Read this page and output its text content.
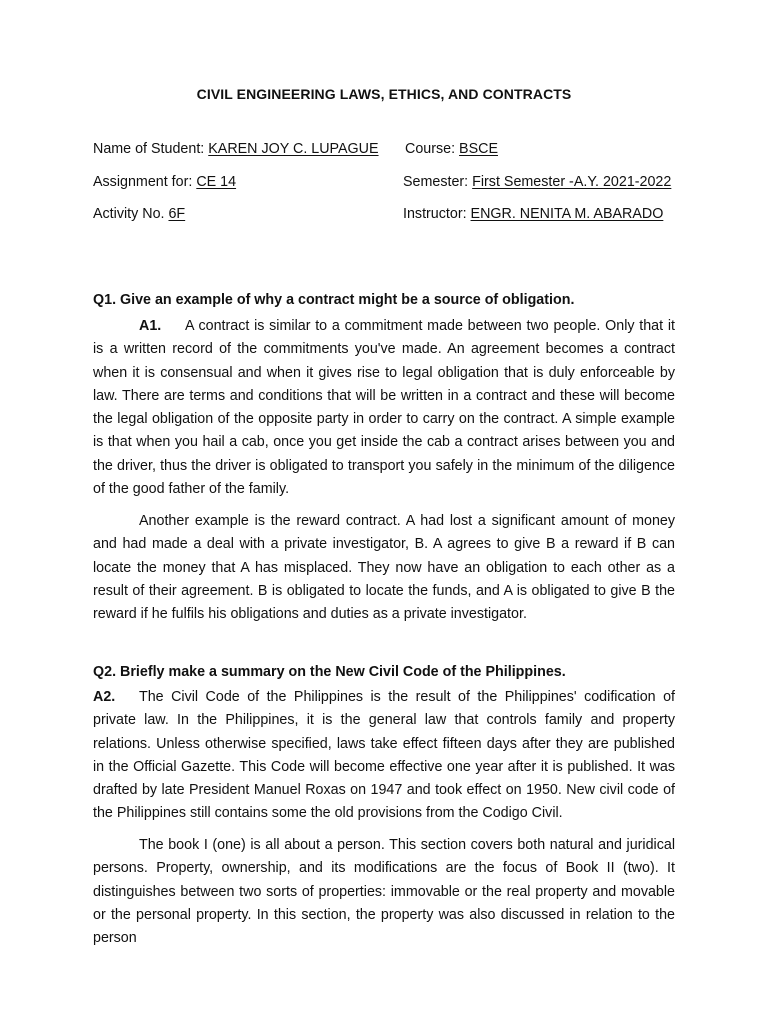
CIVIL ENGINEERING LAWS, ETHICS, AND CONTRACTS
Name of Student: KAREN JOY C. LUPAGUE Course: BSCE
Assignment for: CE 14	Semester: First Semester -A.Y. 2021-2022
Activity No. 6F	Instructor: ENGR. NENITA M. ABARADO
Q1. Give an example of why a contract might be a source of obligation.

A1. A contract is similar to a commitment made between two people. Only that it is a written record of the commitments you've made. An agreement becomes a contract when it is consensual and when it gives rise to legal obligation that is duly enforceable by law. There are terms and conditions that will be written in a contract and these will become the legal obligation of the opposite party in order to carry on the contract. A simple example is that when you hail a cab, once you get inside the cab a contract arises between you and the driver, thus the driver is obligated to transport you safely in the minimum of the diligence of the good father of the family.

Another example is the reward contract. A had lost a significant amount of money and had made a deal with a private investigator, B. A agrees to give B a reward if B can locate the money that A has misplaced. They now have an obligation to each other as a result of their agreement. B is obligated to locate the funds, and A is obligated to give B the reward if he fulfils his obligations and duties as a private investigator.

Q2. Briefly make a summary on the New Civil Code of the Philippines.

A2. The Civil Code of the Philippines is the result of the Philippines' codification of private law. In the Philippines, it is the general law that controls family and property relations. Unless otherwise specified, laws take effect fifteen days after they are published in the Official Gazette. This Code will become effective one year after it is published. It was drafted by late President Manuel Roxas on 1947 and took effect on 1950. New civil code of the Philippines still contains some the old provisions from the Codigo Civil.

The book I (one) is all about a person. This section covers both natural and juridical persons. Property, ownership, and its modifications are the focus of Book II (two). It distinguishes between two sorts of properties: immovable or the real property and movable or the personal property. In this section, the property was also discussed in relation to the person
